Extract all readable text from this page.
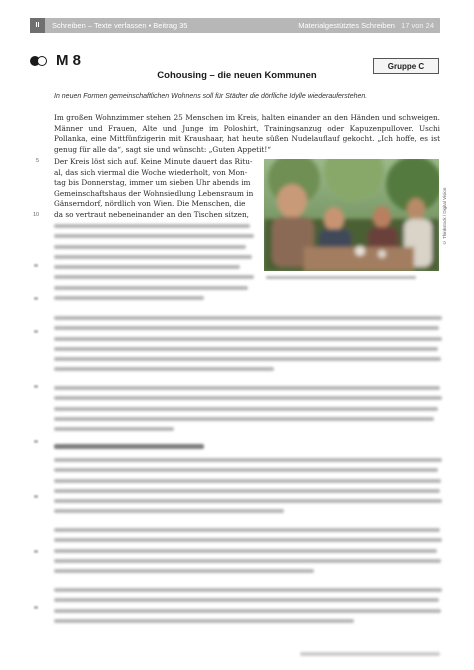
II	Schreiben – Texte verfassen • Beitrag 35	Materialgestütztes Schreiben 17 von 24
M 8	Gruppe C
Cohousing – die neuen Kommunen
In neuen Formen gemeinschaftlichen Wohnens soll für Städter die dörfliche Idylle wiederauferstehen.
Im großen Wohnzimmer stehen 25 Menschen im Kreis, halten einander an den Händen und schweigen. Männer und Frauen, Alte und Junge im Poloshirt, Trainingsanzug oder Kapuzenpullover. Uschi Pollanka, eine Mittfünfzigerin mit Kraushaar, hat heute süßen Nudelauflauf gekocht. „Ich hoffe, es ist genug für alle da“, sagt sie und wünscht: „Guten Appetit!“
5
10
Der Kreis löst sich auf. Keine Minute dauert das Ritu-
al, das sich viermal die Woche wiederholt, von Mon-
tag bis Donnerstag, immer um sieben Uhr abends im
Gemeinschaftshaus der Wohnsiedlung Lebensraum in
Gänserndorf, nördlich von Wien. Die Menschen, die
da so vertraut nebeneinander an den Tischen sitzen,	© Thinkstock / Digital Vision
